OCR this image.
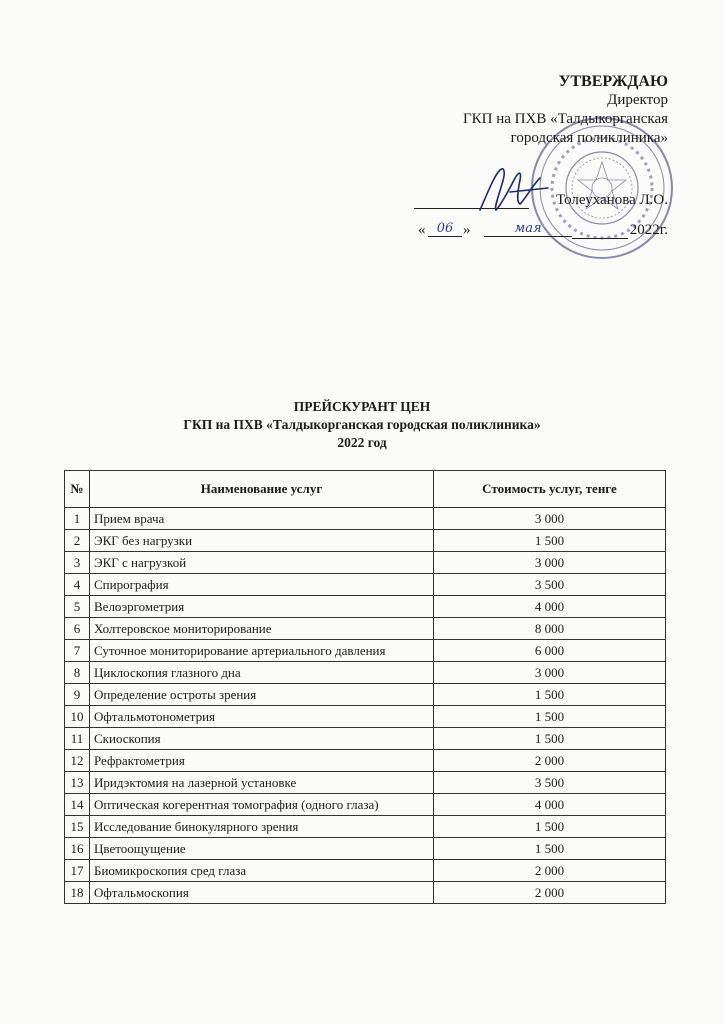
УТВЕРЖДАЮ
Директор
ГКП на ПХВ «Талдыкорганская
городская поликлиника»
Толеуханова Л.О.
« 06 »	мая	2022г.
ПРЕЙСКУРАНТ ЦЕН
ГКП на ПХВ «Талдыкорганская городская поликлиника»
2022 год
№	Наименование услуг	Стоимость услуг, тенге
1	Прием врача	3 000
2	ЭКГ без нагрузки	1 500
3	ЭКГ с нагрузкой	3 000
4	Спирография	3 500
5	Велоэргометрия	4 000
6	Холтеровское мониторирование	8 000
7	Суточное мониторирование артериального давления	6 000
8	Циклоскопия глазного дна	3 000
9	Определение остроты зрения	1 500
10	Офтальмотонометрия	1 500
11	Скиоскопия	1 500
12	Рефрактометрия	2 000
13	Иридэктомия на лазерной установке	3 500
14	Оптическая когерентная томография (одного глаза)	4 000
15	Исследование бинокулярного зрения	1 500
16	Цветоощущение	1 500
17	Биомикроскопия сред глаза	2 000
18	Офтальмоскопия	2 000
